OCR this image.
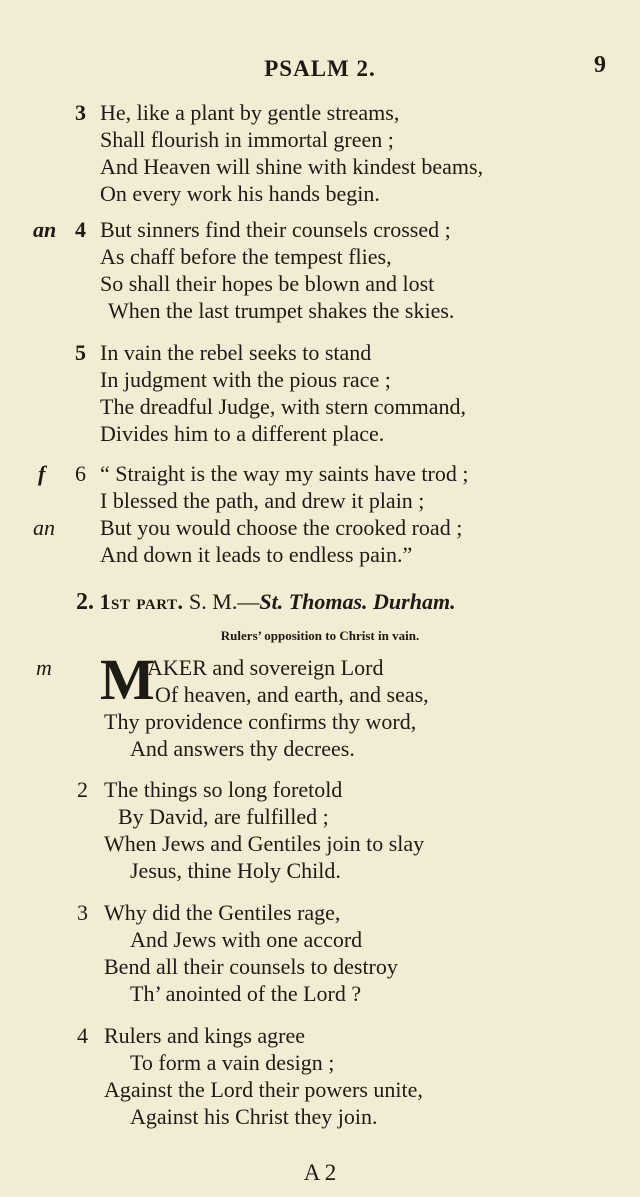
PSALM 2.	9
3 He, like a plant by gentle streams,
Shall flourish in immortal green ;
And Heaven will shine with kindest beams,
On every work his hands begin.
an 4 But sinners find their counsels crossed ;
As chaff before the tempest flies,
So shall their hopes be blown and lost
When the last trumpet shakes the skies.
5 In vain the rebel seeks to stand
In judgment with the pious race ;
The dreadful Judge, with stern command,
Divides him to a different place.
f 6 “ Straight is the way my saints have trod ;
I blessed the path, and drew it plain ;
an But you would choose the crooked road ;
And down it leads to endless pain.”
2. 1st part. S. M.—St. Thomas. Durham.
Rulers’ opposition to Christ in vain.
m M
AKER and sovereign Lord
Of heaven, and earth, and seas,
Thy providence confirms thy word,
And answers thy decrees.
2 The things so long foretold
By David, are fulfilled ;
When Jews and Gentiles join to slay
Jesus, thine Holy Child.
3 Why did the Gentiles rage,
And Jews with one accord
Bend all their counsels to destroy
Th’ anointed of the Lord ?
4 Rulers and kings agree
To form a vain design ;
Against the Lord their powers unite,
Against his Christ they join.
A 2
